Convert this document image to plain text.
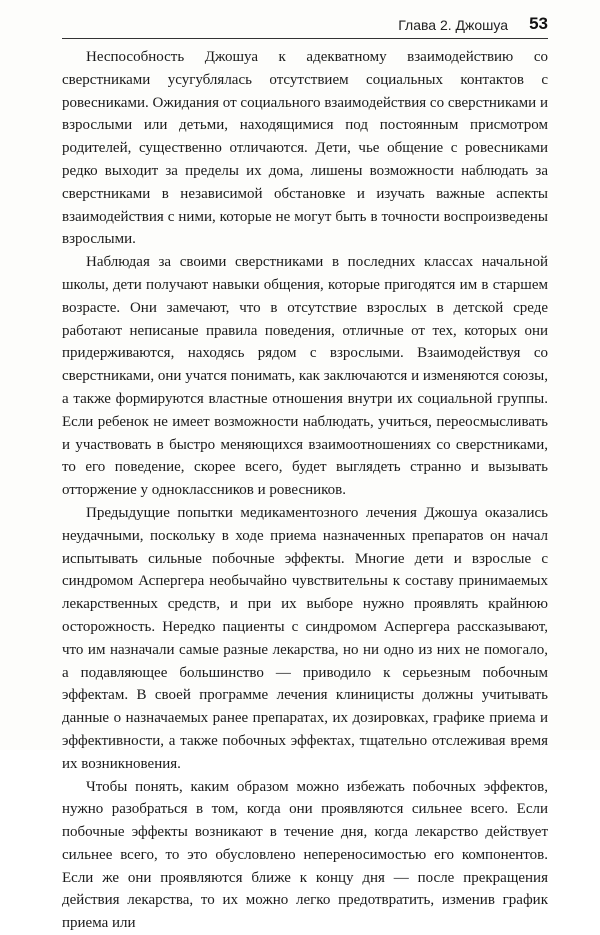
Глава 2. Джошуа 53

Неспособность Джошуа к адекватному взаимодействию со сверстниками усугублялась отсутствием социальных контактов с ровесниками. Ожидания от социального взаимодействия со сверстниками и взрослыми или детьми, находящимися под постоянным присмотром родителей, существенно отличаются. Дети, чье общение с ровесниками редко выходит за пределы их дома, лишены возможности наблюдать за сверстниками в независимой обстановке и изучать важные аспекты взаимодействия с ними, которые не могут быть в точности воспроизведены взрослыми.

Наблюдая за своими сверстниками в последних классах начальной школы, дети получают навыки общения, которые пригодятся им в старшем возрасте. Они замечают, что в отсутствие взрослых в детской среде работают неписаные правила поведения, отличные от тех, которых они придерживаются, находясь рядом с взрослыми. Взаимодействуя со сверстниками, они учатся понимать, как заключаются и изменяются союзы, а также формируются властные отношения внутри их социальной группы. Если ребенок не имеет возможности наблюдать, учиться, переосмысливать и участвовать в быстро меняющихся взаимоотношениях со сверстниками, то его поведение, скорее всего, будет выглядеть странно и вызывать отторжение у одноклассников и ровесников.

Предыдущие попытки медикаментозного лечения Джошуа оказались неудачными, поскольку в ходе приема назначенных препаратов он начал испытывать сильные побочные эффекты. Многие дети и взрослые с синдромом Аспергера необычайно чувствительны к составу принимаемых лекарственных средств, и при их выборе нужно проявлять крайнюю осторожность. Нередко пациенты с синдромом Аспергера рассказывают, что им назначали самые разные лекарства, но ни одно из них не помогало, а подавляющее большинство — приводило к серьезным побочным эффектам. В своей программе лечения клиницисты должны учитывать данные о назначаемых ранее препаратах, их дозировках, графике приема и эффективности, а также побочных эффектах, тщательно отслеживая время их возникновения.

Чтобы понять, каким образом можно избежать побочных эффектов, нужно разобраться в том, когда они проявляются сильнее всего. Если побочные эффекты возникают в течение дня, когда лекарство действует сильнее всего, то это обусловлено непереносимостью его компонентов. Если же они проявляются ближе к концу дня — после прекращения действия лекарства, то их можно легко предотвратить, изменив график приема или
